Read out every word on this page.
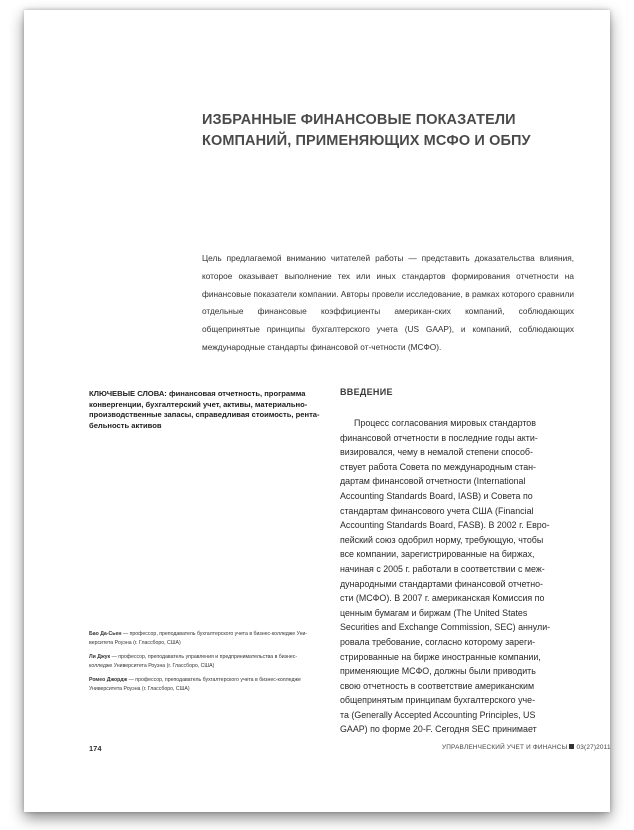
ИЗБРАННЫЕ ФИНАНСОВЫЕ ПОКАЗАТЕЛИ
КОМПАНИЙ, ПРИМЕНЯЮЩИХ МСФО И ОБПУ
Цель предлагаемой вниманию читателей работы — представить доказательства влияния, которое оказывает выполнение тех или иных стандартов формирования отчетности на финансовые показатели компании. Авторы провели исследование, в рамках которого сравнили отдельные финансовые коэффициенты американ-ских компаний, соблюдающих общепринятые принципы бухгалтерского учета (US GAAP), и компаний, соблюдающих международные стандарты финансовой от-четности (МСФО).
КЛЮЧЕВЫЕ СЛОВА: финансовая отчетность, программа
конвергенции, бухгалтерский учет, активы, материально-
производственные запасы, справедливая стоимость, рента-
бельность активов
ВВЕДЕНИЕ
Процесс согласования мировых стандартов
финансовой отчетности в последние годы акти-
визировался, чему в немалой степени способ-
ствует работа Совета по международным стан-
дартам финансовой отчетности (International
Accounting Standards Board, IASB) и Совета по
стандартам финансового учета США (Financial
Accounting Standards Board, FASB). В 2002 г. Евро-
пейский союз одобрил норму, требующую, чтобы
все компании, зарегистрированные на биржах,
начиная с 2005 г. работали в соответствии с меж-
дународными стандартами финансовой отчетно-
сти (МСФО). В 2007 г. американская Комиссия по
ценным бумагам и биржам (The United States
Securities and Exchange Commission, SEC) аннули-
ровала требование, согласно которому зареги-
стрированные на бирже иностранные компании,
применяющие МСФО, должны были приводить
свою отчетность в соответствие американским
общепринятым принципам бухгалтерского уче-
та (Generally Accepted Accounting Principles, US
GAAP) по форме 20-F. Сегодня SEC принимает
Бао Да-Сьен — профессор, преподаватель бухгалтерского учета в бизнес-колледже Уни-
верситета Роуэна (г. Глассборо, США)
Ли Джук — профессор, преподаватель управления и предпринимательства в бизнес-
колледже Университета Роуэна (г. Глассборо, США)
Ромео Джордж — профессор, преподаватель бухгалтерского учета в бизнес-колледже
Университета Роуэна (г. Глассборо, США)
174	УПРАВЛЕНЧЕСКИЙ УЧЕТ И ФИНАНСЫ 03(27)2011
